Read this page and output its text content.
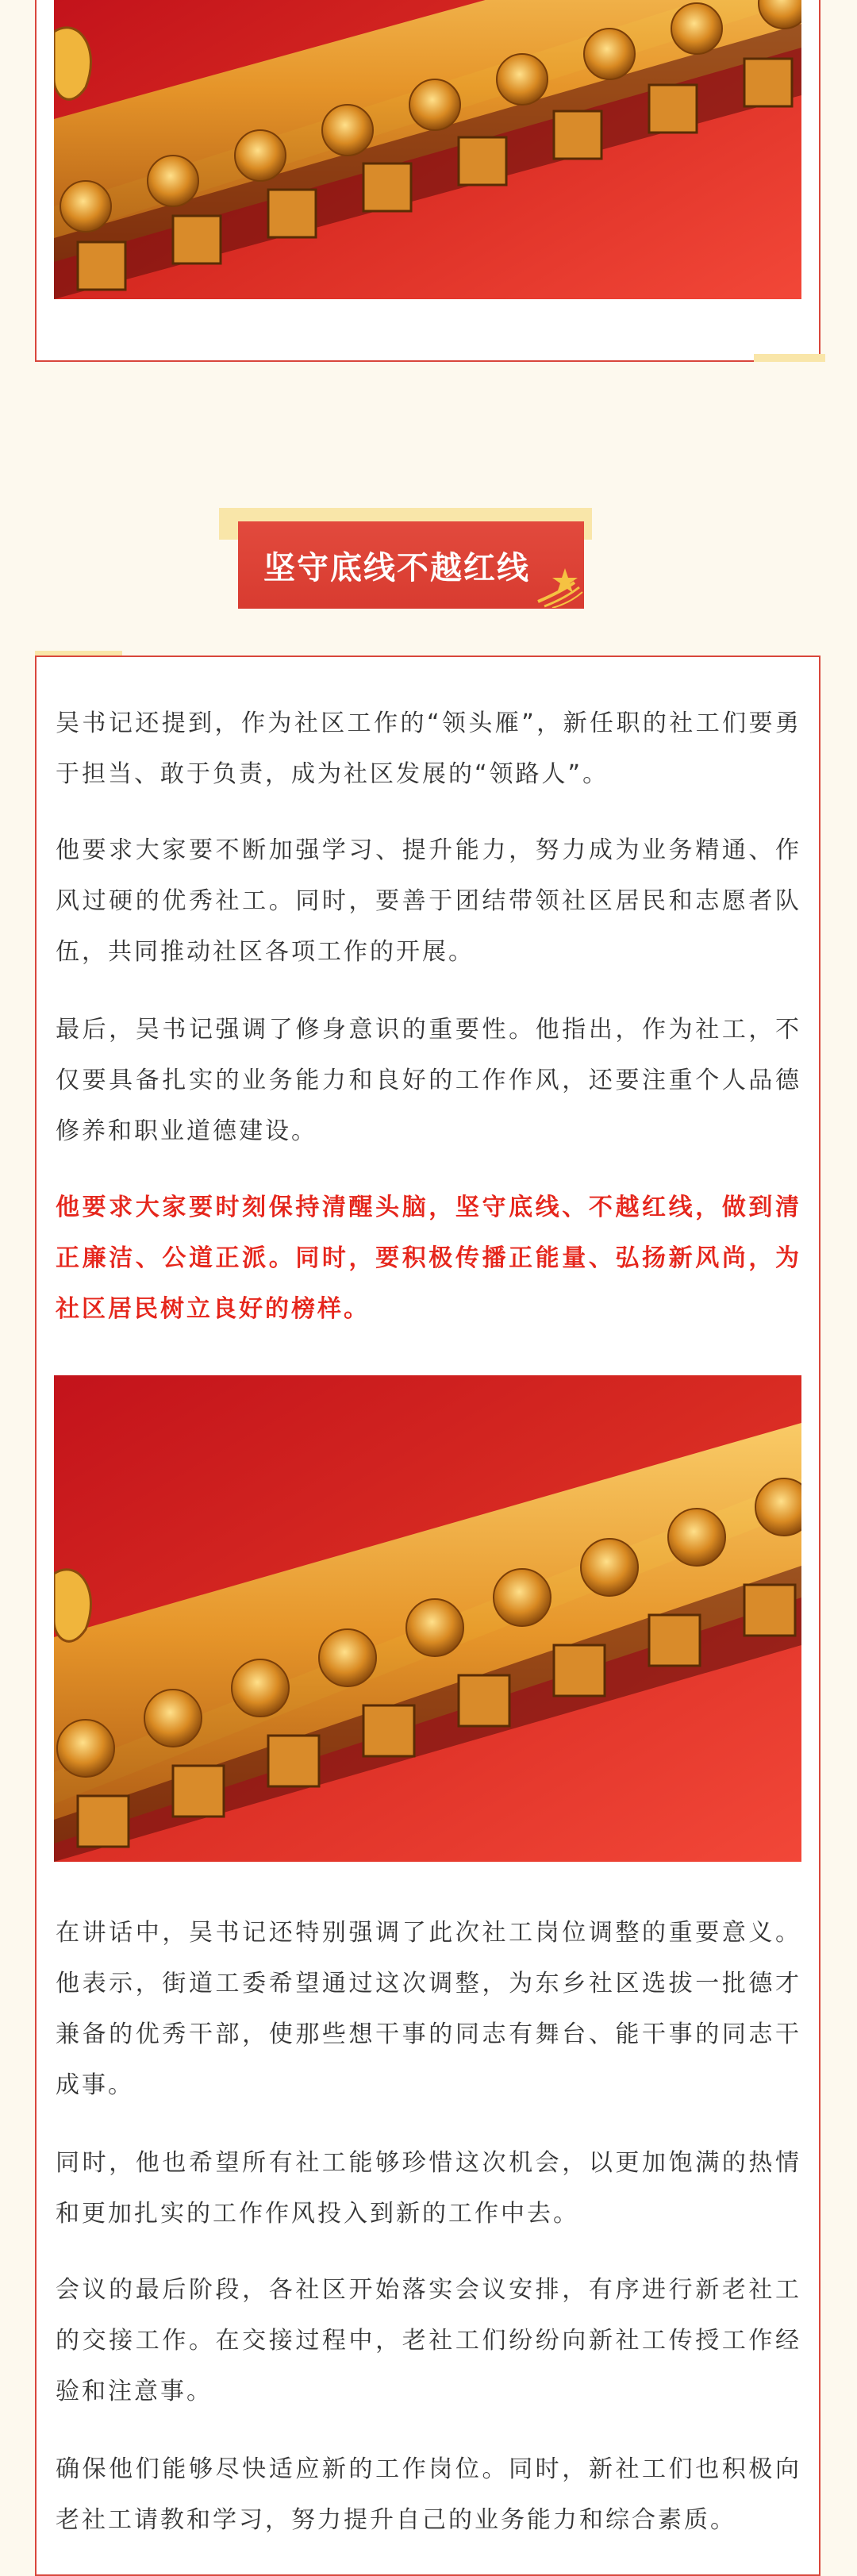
坚守底线不越红线

吴书记还提到，作为社区工作的“领头雁”，新任职的社工们要勇于担当、敢于负责，成为社区发展的“领路人”。

他要求大家要不断加强学习、提升能力，努力成为业务精通、作风过硬的优秀社工。同时，要善于团结带领社区居民和志愿者队伍，共同推动社区各项工作的开展。

最后，吴书记强调了修身意识的重要性。他指出，作为社工，不仅要具备扎实的业务能力和良好的工作作风，还要注重个人品德修养和职业道德建设。

他要求大家要时刻保持清醒头脑，坚守底线、不越红线，做到清正廉洁、公道正派。同时，要积极传播正能量、弘扬新风尚，为社区居民树立良好的榜样。

在讲话中，吴书记还特别强调了此次社工岗位调整的重要意义。他表示，街道工委希望通过这次调整，为东乡社区选拔一批德才兼备的优秀干部，使那些想干事的同志有舞台、能干事的同志干成事。

同时，他也希望所有社工能够珍惜这次机会，以更加饱满的热情和更加扎实的工作作风投入到新的工作中去。

会议的最后阶段，各社区开始落实会议安排，有序进行新老社工的交接工作。在交接过程中，老社工们纷纷向新社工传授工作经验和注意事。

确保他们能够尽快适应新的工作岗位。同时，新社工们也积极向老社工请教和学习，努力提升自己的业务能力和综合素质。
